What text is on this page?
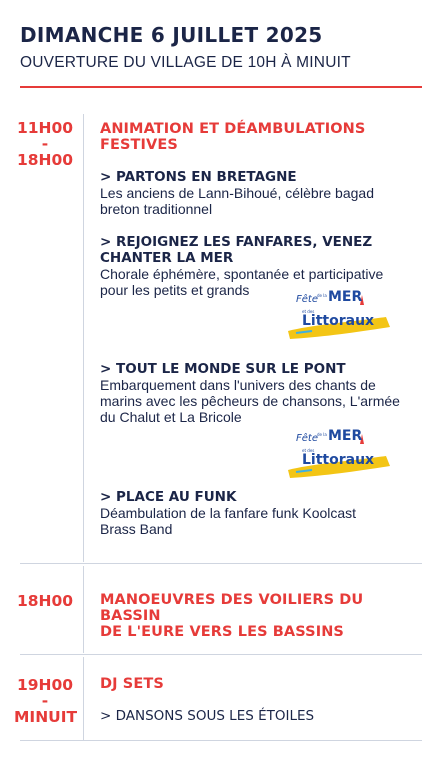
DIMANCHE 6 JUILLET 2025
OUVERTURE DU VILLAGE DE 10H À MINUIT
11H00
-
18H00
ANIMATION ET DÉAMBULATIONS
FESTIVES
> PARTONS EN BRETAGNE
Les anciens de Lann-Bihoué, célèbre bagad
breton traditionnel
> REJOIGNEZ LES FANFARES, VENEZ
CHANTER LA MER
Chorale éphémère, spontanée et participative
pour les petits et grands
> TOUT LE MONDE SUR LE PONT
Embarquement dans l'univers des chants de
marins avec les pêcheurs de chansons, L'armée
du Chalut et La Bricole
> PLACE AU FUNK
Déambulation de la fanfare funk Koolcast
Brass Band
Fête de la MER
et des
Littoraux
Fête de la MER
et des
Littoraux
18H00 MANOEUVRES DES VOILIERS DU BASSIN
DE L'EURE VERS LES BASSINS
19H00
-
MINUIT
DJ SETS
> DANSONS SOUS LES ÉTOILES
